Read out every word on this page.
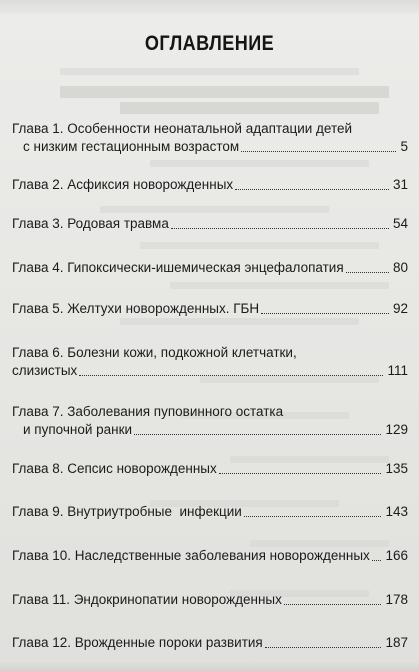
ОГЛАВЛЕНИЕ
Глава 1. Особенности неонатальной адаптации детей
с низким гестационным возрастом	5
Глава 2. Асфиксия новорожденных	31
Глава 3. Родовая травма	54
Глава 4. Гипоксически-ишемическая энцефалопатия	80
Глава 5. Желтухи новорожденных. ГБН	92
Глава 6. Болезни кожи, подкожной клетчатки,
слизистых	111
Глава 7. Заболевания пуповинного остатка
и пупочной ранки	129
Глава 8. Сепсис новорожденных	135
Глава 9. Внутриутробные  инфекции	143
Глава 10. Наследственные заболевания новорожденных 166
Глава 11. Эндокринопатии новорожденных	178
Глава 12. Врожденные пороки развития	187
